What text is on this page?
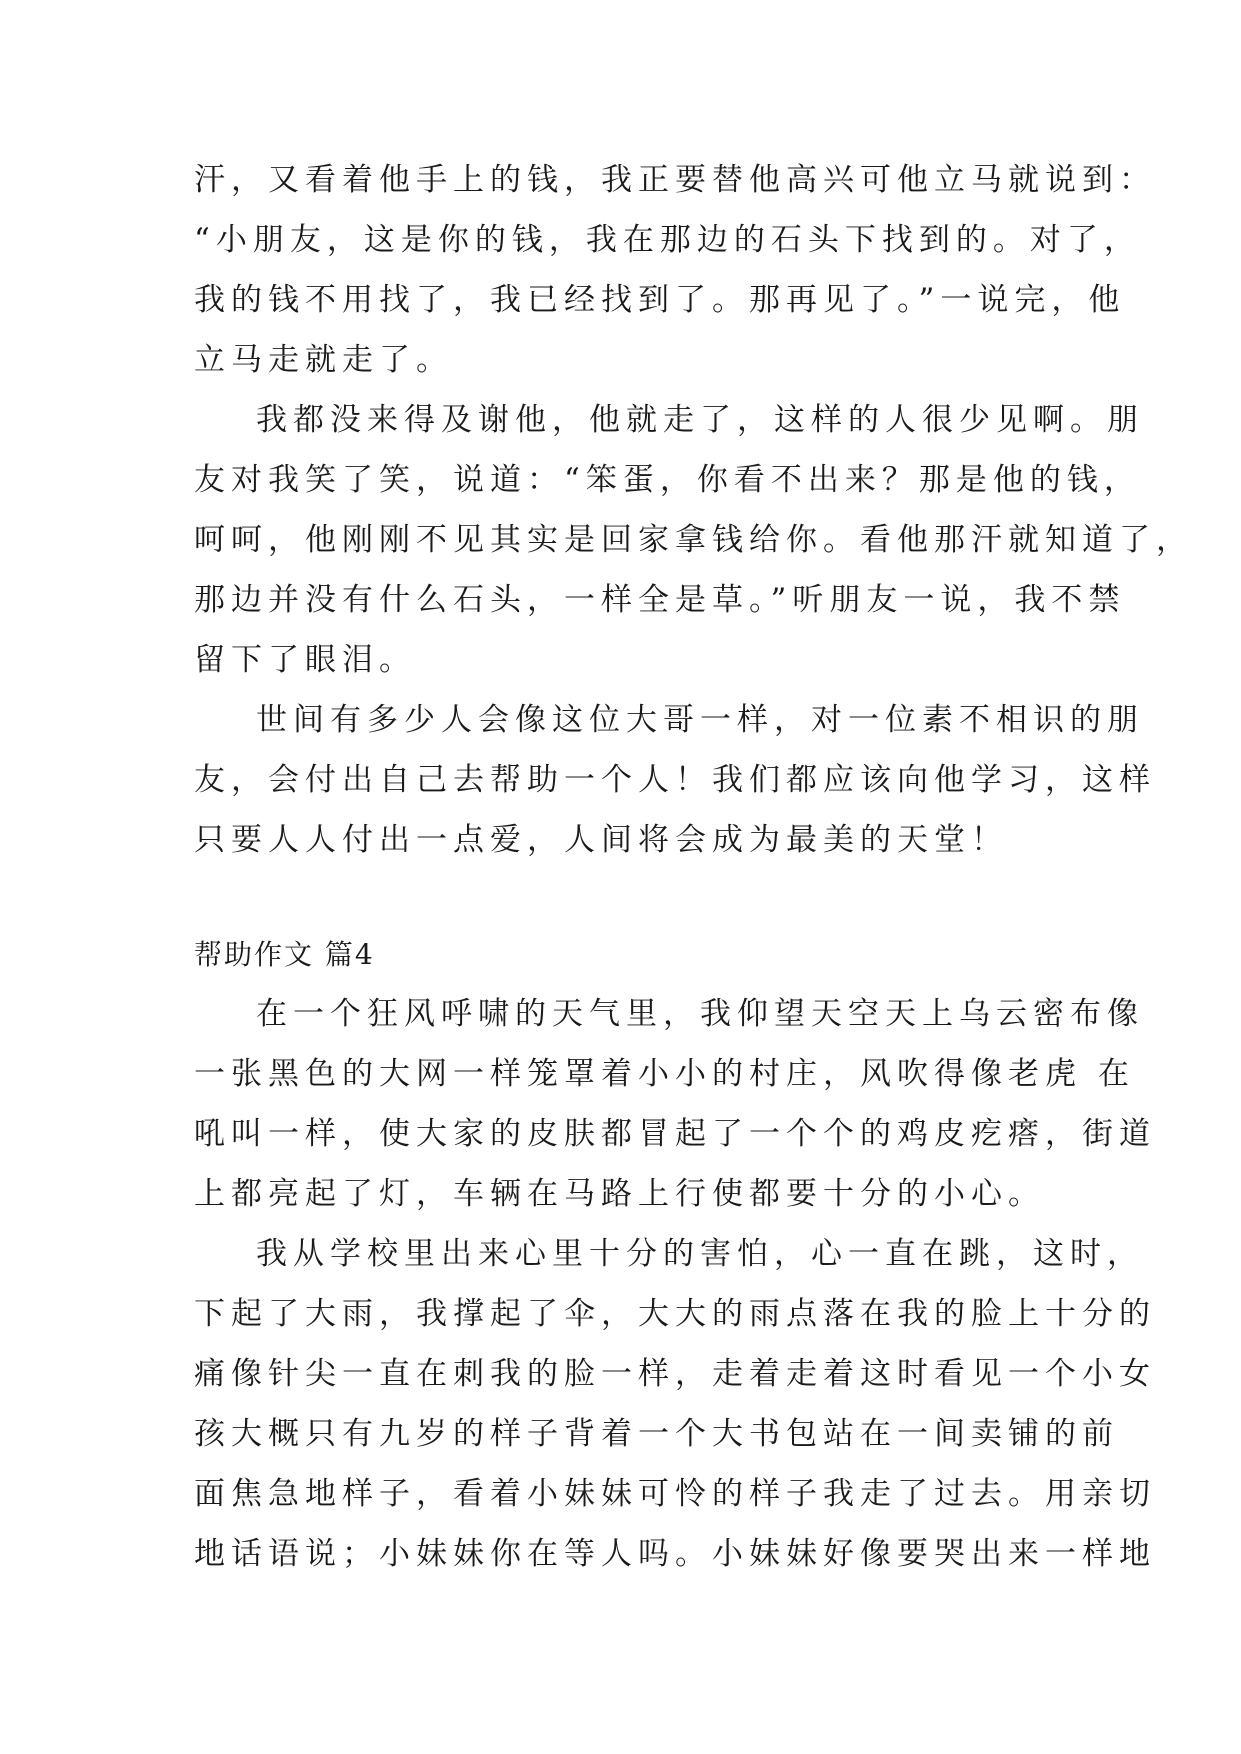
汗，又看着他手上的钱，我正要替他高兴可他立马就说到：
“小朋友，这是你的钱，我在那边的石头下找到的。对了，
我的钱不用找了，我已经找到了。那再见了。”一说完，他
立马走就走了。
我都没来得及谢他，他就走了，这样的人很少见啊。朋
友对我笑了笑，说道：“笨蛋，你看不出来？那是他的钱，
呵呵，他刚刚不见其实是回家拿钱给你。看他那汗就知道了，
那边并没有什么石头，一样全是草。”听朋友一说，我不禁
留下了眼泪。
世间有多少人会像这位大哥一样，对一位素不相识的朋
友，会付出自己去帮助一个人！我们都应该向他学习，这样
只要人人付出一点爱，人间将会成为最美的天堂！
帮助作文 篇4
在一个狂风呼啸的天气里，我仰望天空天上乌云密布像
一张黑色的大网一样笼罩着小小的村庄，风吹得像老虎 在
吼叫一样，使大家的皮肤都冒起了一个个的鸡皮疙瘩，街道
上都亮起了灯，车辆在马路上行使都要十分的小心。
我从学校里出来心里十分的害怕，心一直在跳，这时，
下起了大雨，我撑起了伞，大大的雨点落在我的脸上十分的
痛像针尖一直在刺我的脸一样，走着走着这时看见一个小女
孩大概只有九岁的样子背着一个大书包站在一间卖铺的前
面焦急地样子，看着小妹妹可怜的样子我走了过去。用亲切
地话语说；小妹妹你在等人吗。小妹妹好像要哭出来一样地
